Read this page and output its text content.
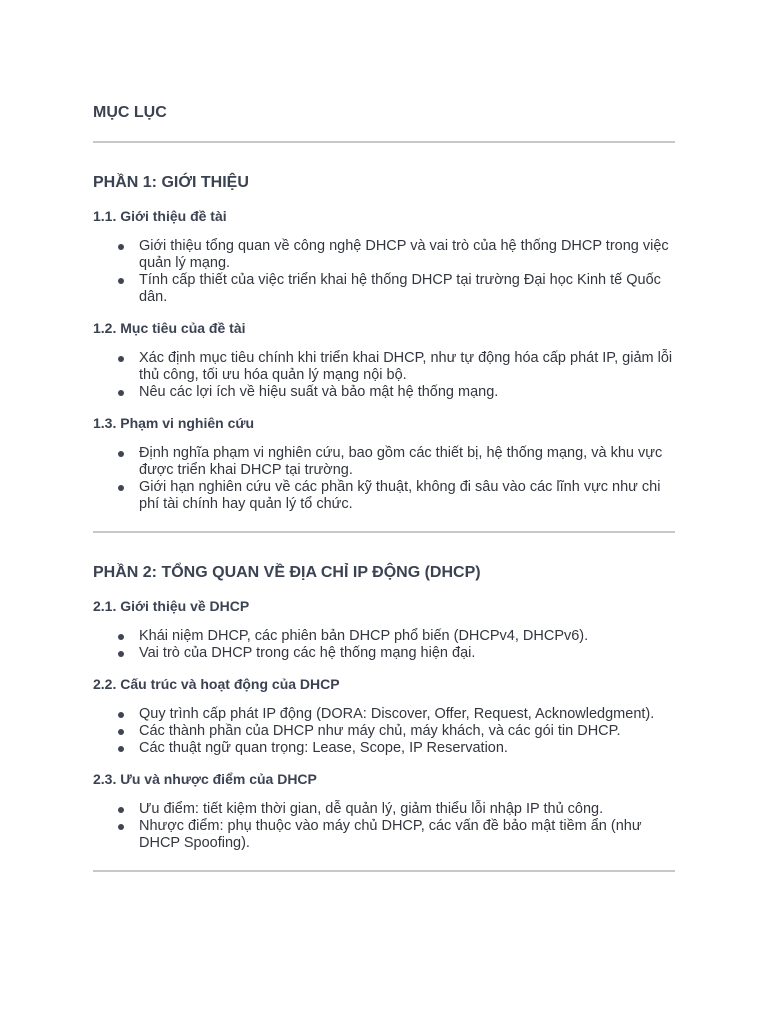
MỤC LỤC
PHẦN 1: GIỚI THIỆU
1.1. Giới thiệu đề tài
Giới thiệu tổng quan về công nghệ DHCP và vai trò của hệ thống DHCP trong việc quản lý mạng.
Tính cấp thiết của việc triển khai hệ thống DHCP tại trường Đại học Kinh tế Quốc dân.
1.2. Mục tiêu của đề tài
Xác định mục tiêu chính khi triển khai DHCP, như tự động hóa cấp phát IP, giảm lỗi thủ công, tối ưu hóa quản lý mạng nội bộ.
Nêu các lợi ích về hiệu suất và bảo mật hệ thống mạng.
1.3. Phạm vi nghiên cứu
Định nghĩa phạm vi nghiên cứu, bao gồm các thiết bị, hệ thống mạng, và khu vực được triển khai DHCP tại trường.
Giới hạn nghiên cứu về các phần kỹ thuật, không đi sâu vào các lĩnh vực như chi phí tài chính hay quản lý tổ chức.
PHẦN 2: TỔNG QUAN VỀ ĐỊA CHỈ IP ĐỘNG (DHCP)
2.1. Giới thiệu về DHCP
Khái niệm DHCP, các phiên bản DHCP phổ biến (DHCPv4, DHCPv6).
Vai trò của DHCP trong các hệ thống mạng hiện đại.
2.2. Cấu trúc và hoạt động của DHCP
Quy trình cấp phát IP động (DORA: Discover, Offer, Request, Acknowledgment).
Các thành phần của DHCP như máy chủ, máy khách, và các gói tin DHCP.
Các thuật ngữ quan trọng: Lease, Scope, IP Reservation.
2.3. Ưu và nhược điểm của DHCP
Ưu điểm: tiết kiệm thời gian, dễ quản lý, giảm thiểu lỗi nhập IP thủ công.
Nhược điểm: phụ thuộc vào máy chủ DHCP, các vấn đề bảo mật tiềm ẩn (như DHCP Spoofing).
